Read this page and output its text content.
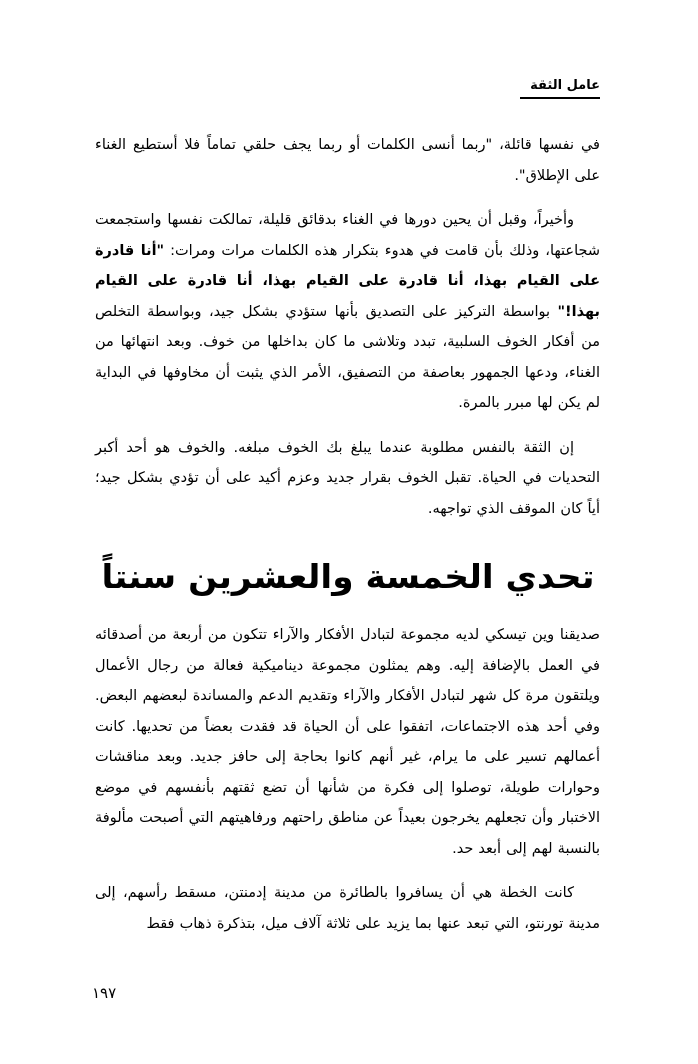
عامل الثقة

في نفسها قائلة، "ربما أنسى الكلمات أو ربما يجف حلقي تماماً فلا أستطيع الغناء على الإطلاق".

وأخيراً، وقبل أن يحين دورها في الغناء بدقائق قليلة، تمالكت نفسها واستجمعت شجاعتها، وذلك بأن قامت في هدوء بتكرار هذه الكلمات مرات ومرات: "أنا قادرة على القيام بهذا، أنا قادرة على القيام بهذا، أنا قادرة على القيام بهذا!" بواسطة التركيز على التصديق بأنها ستؤدي بشكل جيد، وبواسطة التخلص من أفكار الخوف السلبية، تبدد وتلاشى ما كان بداخلها من خوف. وبعد انتهائها من الغناء، ودعها الجمهور بعاصفة من التصفيق، الأمر الذي يثبت أن مخاوفها في البداية لم يكن لها مبرر بالمرة.

إن الثقة بالنفس مطلوبة عندما يبلغ بك الخوف مبلغه. والخوف هو أحد أكبر التحديات في الحياة. تقبل الخوف بقرار جديد وعزم أكيد على أن تؤدي بشكل جيد؛ أياً كان الموقف الذي تواجهه.

تحدي الخمسة والعشرين سنتاً

صديقنا وين تيسكي لديه مجموعة لتبادل الأفكار والآراء تتكون من أربعة من أصدقائه في العمل بالإضافة إليه. وهم يمثلون مجموعة ديناميكية فعالة من رجال الأعمال ويلتقون مرة كل شهر لتبادل الأفكار والآراء وتقديم الدعم والمساندة لبعضهم البعض. وفي أحد هذه الاجتماعات، اتفقوا على أن الحياة قد فقدت بعضاً من تحديها. كانت أعمالهم تسير على ما يرام، غير أنهم كانوا بحاجة إلى حافز جديد. وبعد مناقشات وحوارات طويلة، توصلوا إلى فكرة من شأنها أن تضع ثقتهم بأنفسهم في موضع الاختبار وأن تجعلهم يخرجون بعيداً عن مناطق راحتهم ورفاهيتهم التي أصبحت مألوفة بالنسبة لهم إلى أبعد حد.

كانت الخطة هي أن يسافروا بالطائرة من مدينة إدمنتن، مسقط رأسهم، إلى مدينة تورنتو، التي تبعد عنها بما يزيد على ثلاثة آلاف ميل، بتذكرة ذهاب فقط

١٩٧
